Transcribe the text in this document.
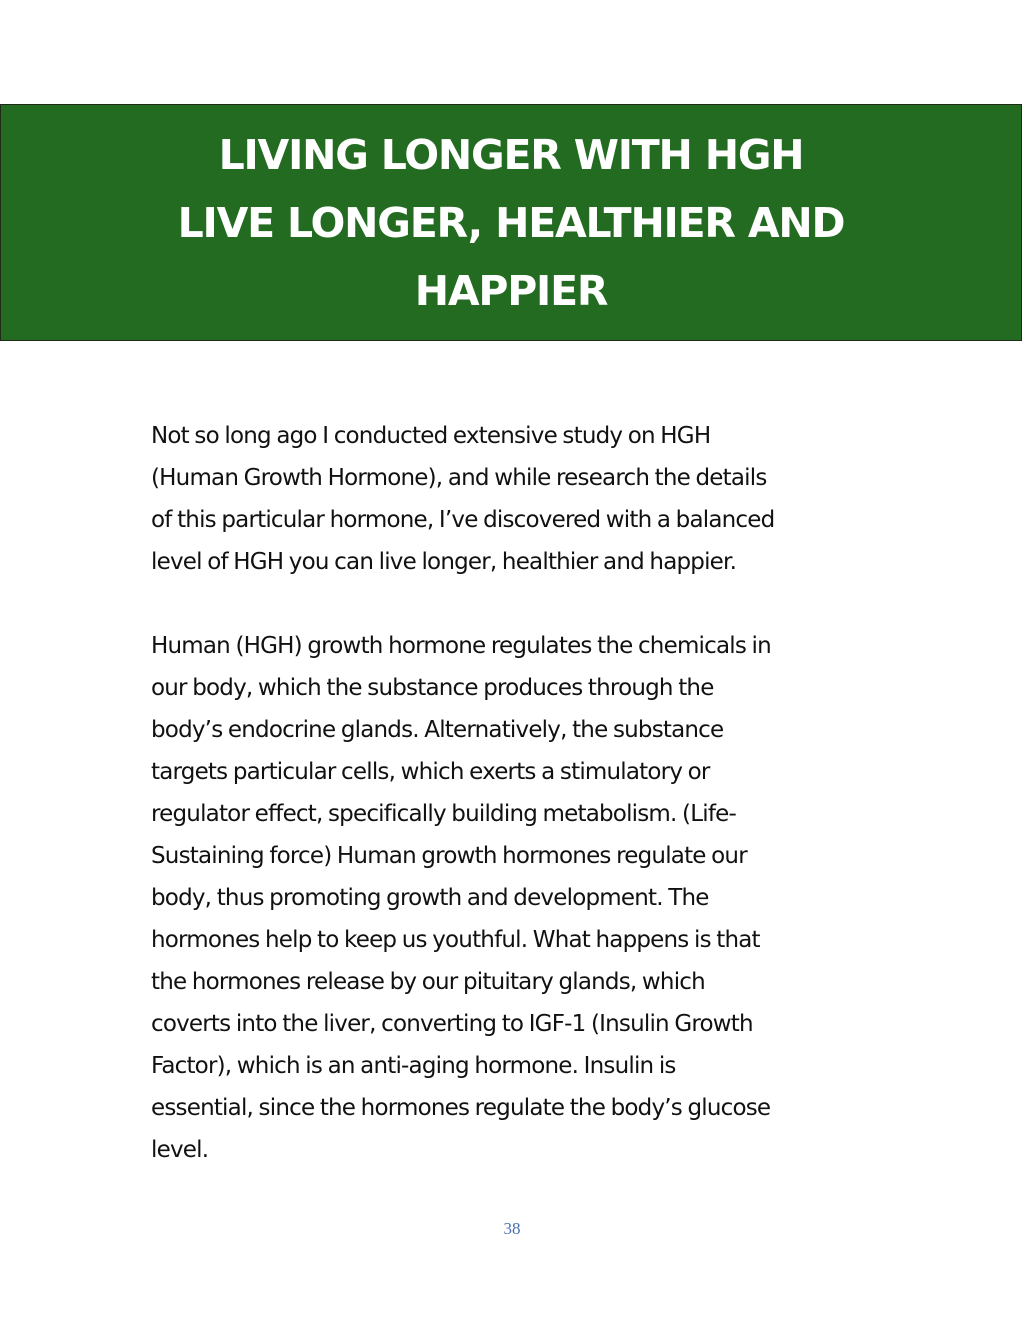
LIVING LONGER WITH HGH
LIVE LONGER, HEALTHIER AND
HAPPIER

Not so long ago I conducted extensive study on HGH
(Human Growth Hormone), and while research the details
of this particular hormone, I’ve discovered with a balanced
level of HGH you can live longer, healthier and happier.

Human (HGH) growth hormone regulates the chemicals in
our body, which the substance produces through the
body’s endocrine glands. Alternatively, the substance
targets particular cells, which exerts a stimulatory or
regulator effect, specifically building metabolism. (Life-
Sustaining force) Human growth hormones regulate our
body, thus promoting growth and development. The
hormones help to keep us youthful. What happens is that
the hormones release by our pituitary glands, which
coverts into the liver, converting to IGF-1 (Insulin Growth
Factor), which is an anti-aging hormone. Insulin is
essential, since the hormones regulate the body’s glucose
level.

38
